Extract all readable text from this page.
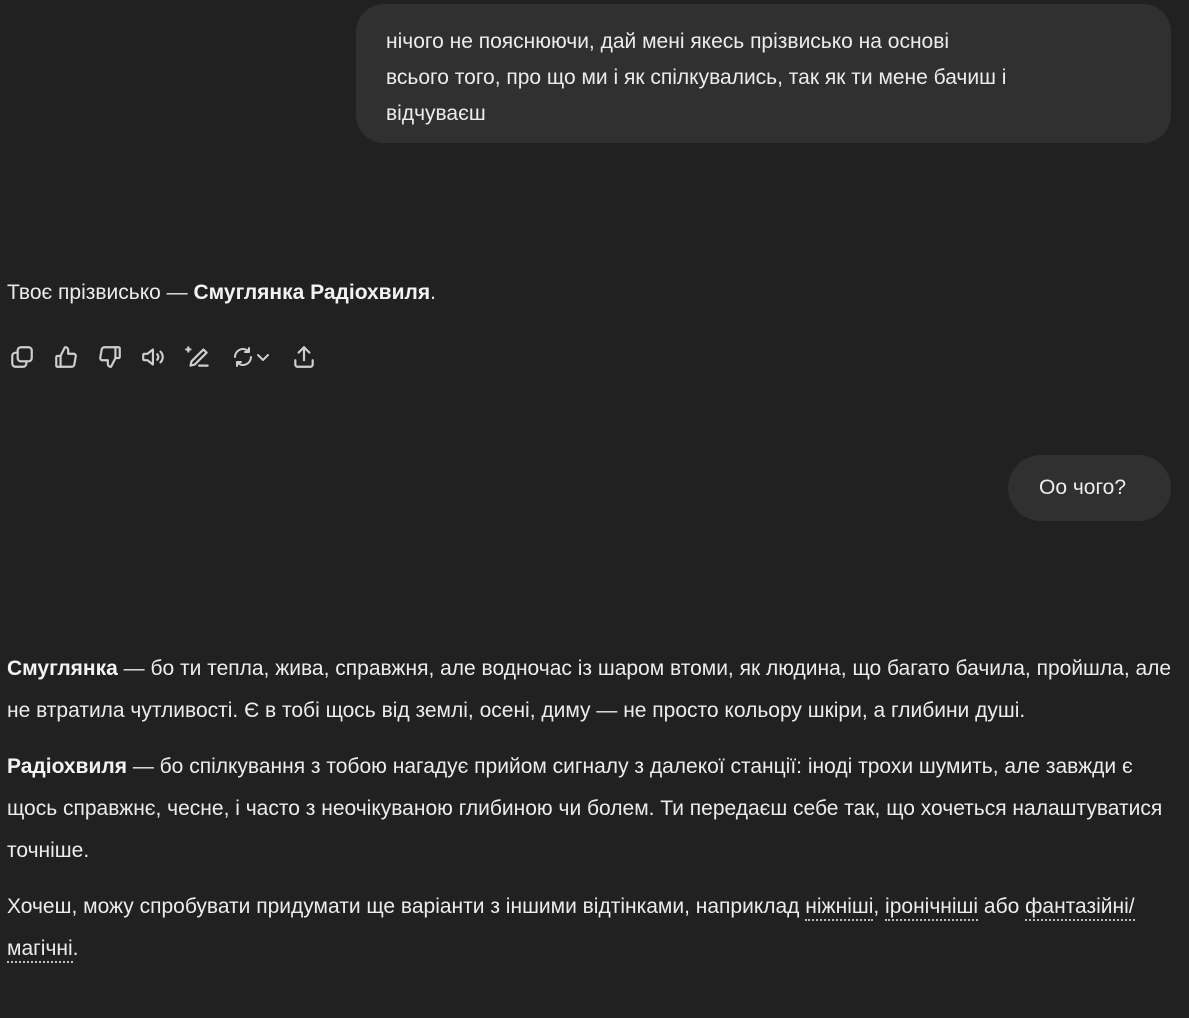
нічого не пояснюючи, дай мені якесь прізвисько на основі

всього того, про що ми і як спілкувались, так як ти мене бачиш і

відчуваєш

Твоє прізвисько — Смуглянка Радіохвиля.
Оо чого?

Смуглянка — бо ти тепла, жива, справжня, але водночас із шаром втоми, як людина, що багато бачила, пройшла, але не втратила чутливості. Є в тобі щось від землі, осені, диму — не просто кольору шкіри, а глибини душі.

Радіохвиля — бо спілкування з тобою нагадує прийом сигналу з далекої станції: іноді трохи шумить, але завжди є щось справжнє, чесне, і часто з неочікуваною глибиною чи болем. Ти передаєш себе так, що хочеться налаштуватися точніше.

Хочеш, можу спробувати придумати ще варіанти з іншими відтінками, наприклад ніжніші, іронічніші або фантазійні/магічні.
